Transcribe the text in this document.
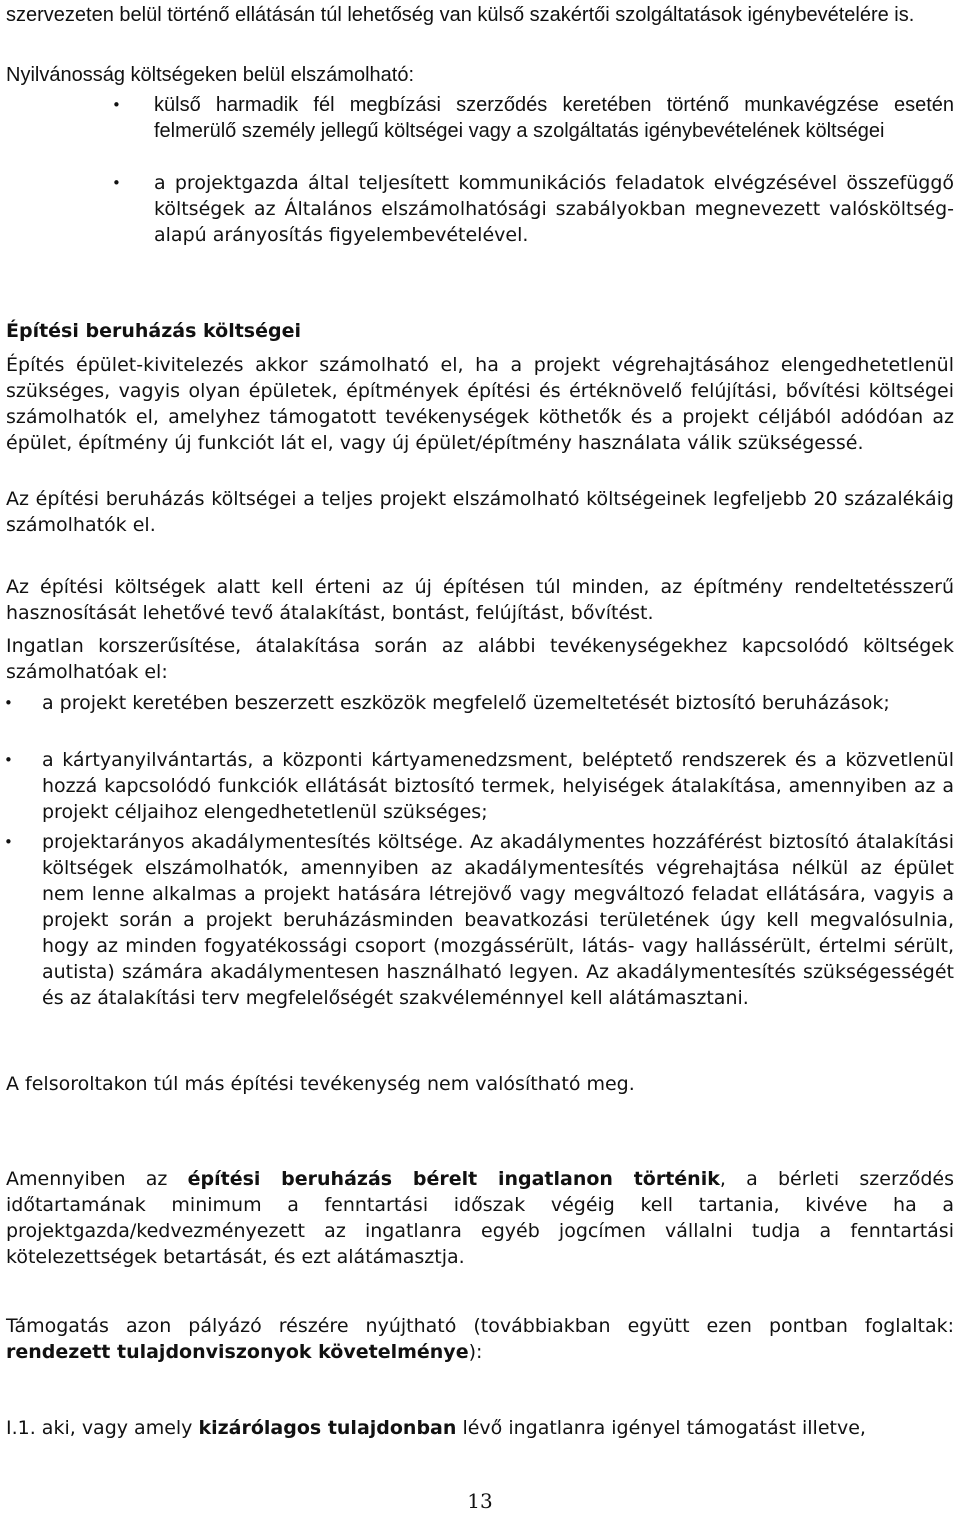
szervezeten belül történő ellátásán túl lehetőség van külső szakértői szolgáltatások igénybevételére is.

Nyilvánosság költségeken belül elszámolható:

• külső harmadik fél megbízási szerződés keretében történő munkavégzése esetén felmerülő személy jellegű költségei vagy a szolgáltatás igénybevételének költségei

• a projektgazda által teljesített kommunikációs feladatok elvégzésével összefüggő költségek az Általános elszámolhatósági szabályokban megnevezett valósköltség-alapú arányosítás figyelembevételével.

Építési beruházás költségei

Építés épület-kivitelezés akkor számolható el, ha a projekt végrehajtásához elengedhetetlenül szükséges, vagyis olyan épületek, építmények építési és értéknövelő felújítási, bővítési költségei számolhatók el, amelyhez támogatott tevékenységek köthetők és a projekt céljából adódóan az épület, építmény új funkciót lát el, vagy új épület/építmény használata válik szükségessé.

Az építési beruházás költségei a teljes projekt elszámolható költségeinek legfeljebb 20 százalékáig számolhatók el.

Az építési költségek alatt kell érteni az új építésen túl minden, az építmény rendeltetésszerű hasznosítását lehetővé tevő átalakítást, bontást, felújítást, bővítést.

Ingatlan korszerűsítése, átalakítása során az alábbi tevékenységekhez kapcsolódó költségek számolhatóak el:

• a projekt keretében beszerzett eszközök megfelelő üzemeltetését biztosító beruházások;

• a kártyanyilvántartás, a központi kártyamenedzsment, beléptető rendszerek és a közvetlenül hozzá kapcsolódó funkciók ellátását biztosító termek, helyiségek átalakítása, amennyiben az a projekt céljaihoz elengedhetetlenül szükséges;

• projektarányos akadálymentesítés költsége. Az akadálymentes hozzáférést biztosító átalakítási költségek elszámolhatók, amennyiben az akadálymentesítés végrehajtása nélkül az épület nem lenne alkalmas a projekt hatására létrejövő vagy megváltozó feladat ellátására, vagyis a projekt során a projekt beruházásminden beavatkozási területének úgy kell megvalósulnia, hogy az minden fogyatékossági csoport (mozgássérült, látás- vagy hallássérült, értelmi sérült, autista) számára akadálymentesen használható legyen. Az akadálymentesítés szükségességét és az átalakítási terv megfelelőségét szakvéleménnyel kell alátámasztani.

A felsoroltakon túl más építési tevékenység nem valósítható meg.

Amennyiben az építési beruházás bérelt ingatlanon történik, a bérleti szerződés időtartamának minimum a fenntartási időszak végéig kell tartania, kivéve ha a projektgazda/kedvezményezett az ingatlanra egyéb jogcímen vállalni tudja a fenntartási kötelezettségek betartását, és ezt alátámasztja.

Támogatás azon pályázó részére nyújtható (továbbiakban együtt ezen pontban foglaltak: rendezett tulajdonviszonyok követelménye):

I.1. aki, vagy amely kizárólagos tulajdonban lévő ingatlanra igényel támogatást illetve,

13
